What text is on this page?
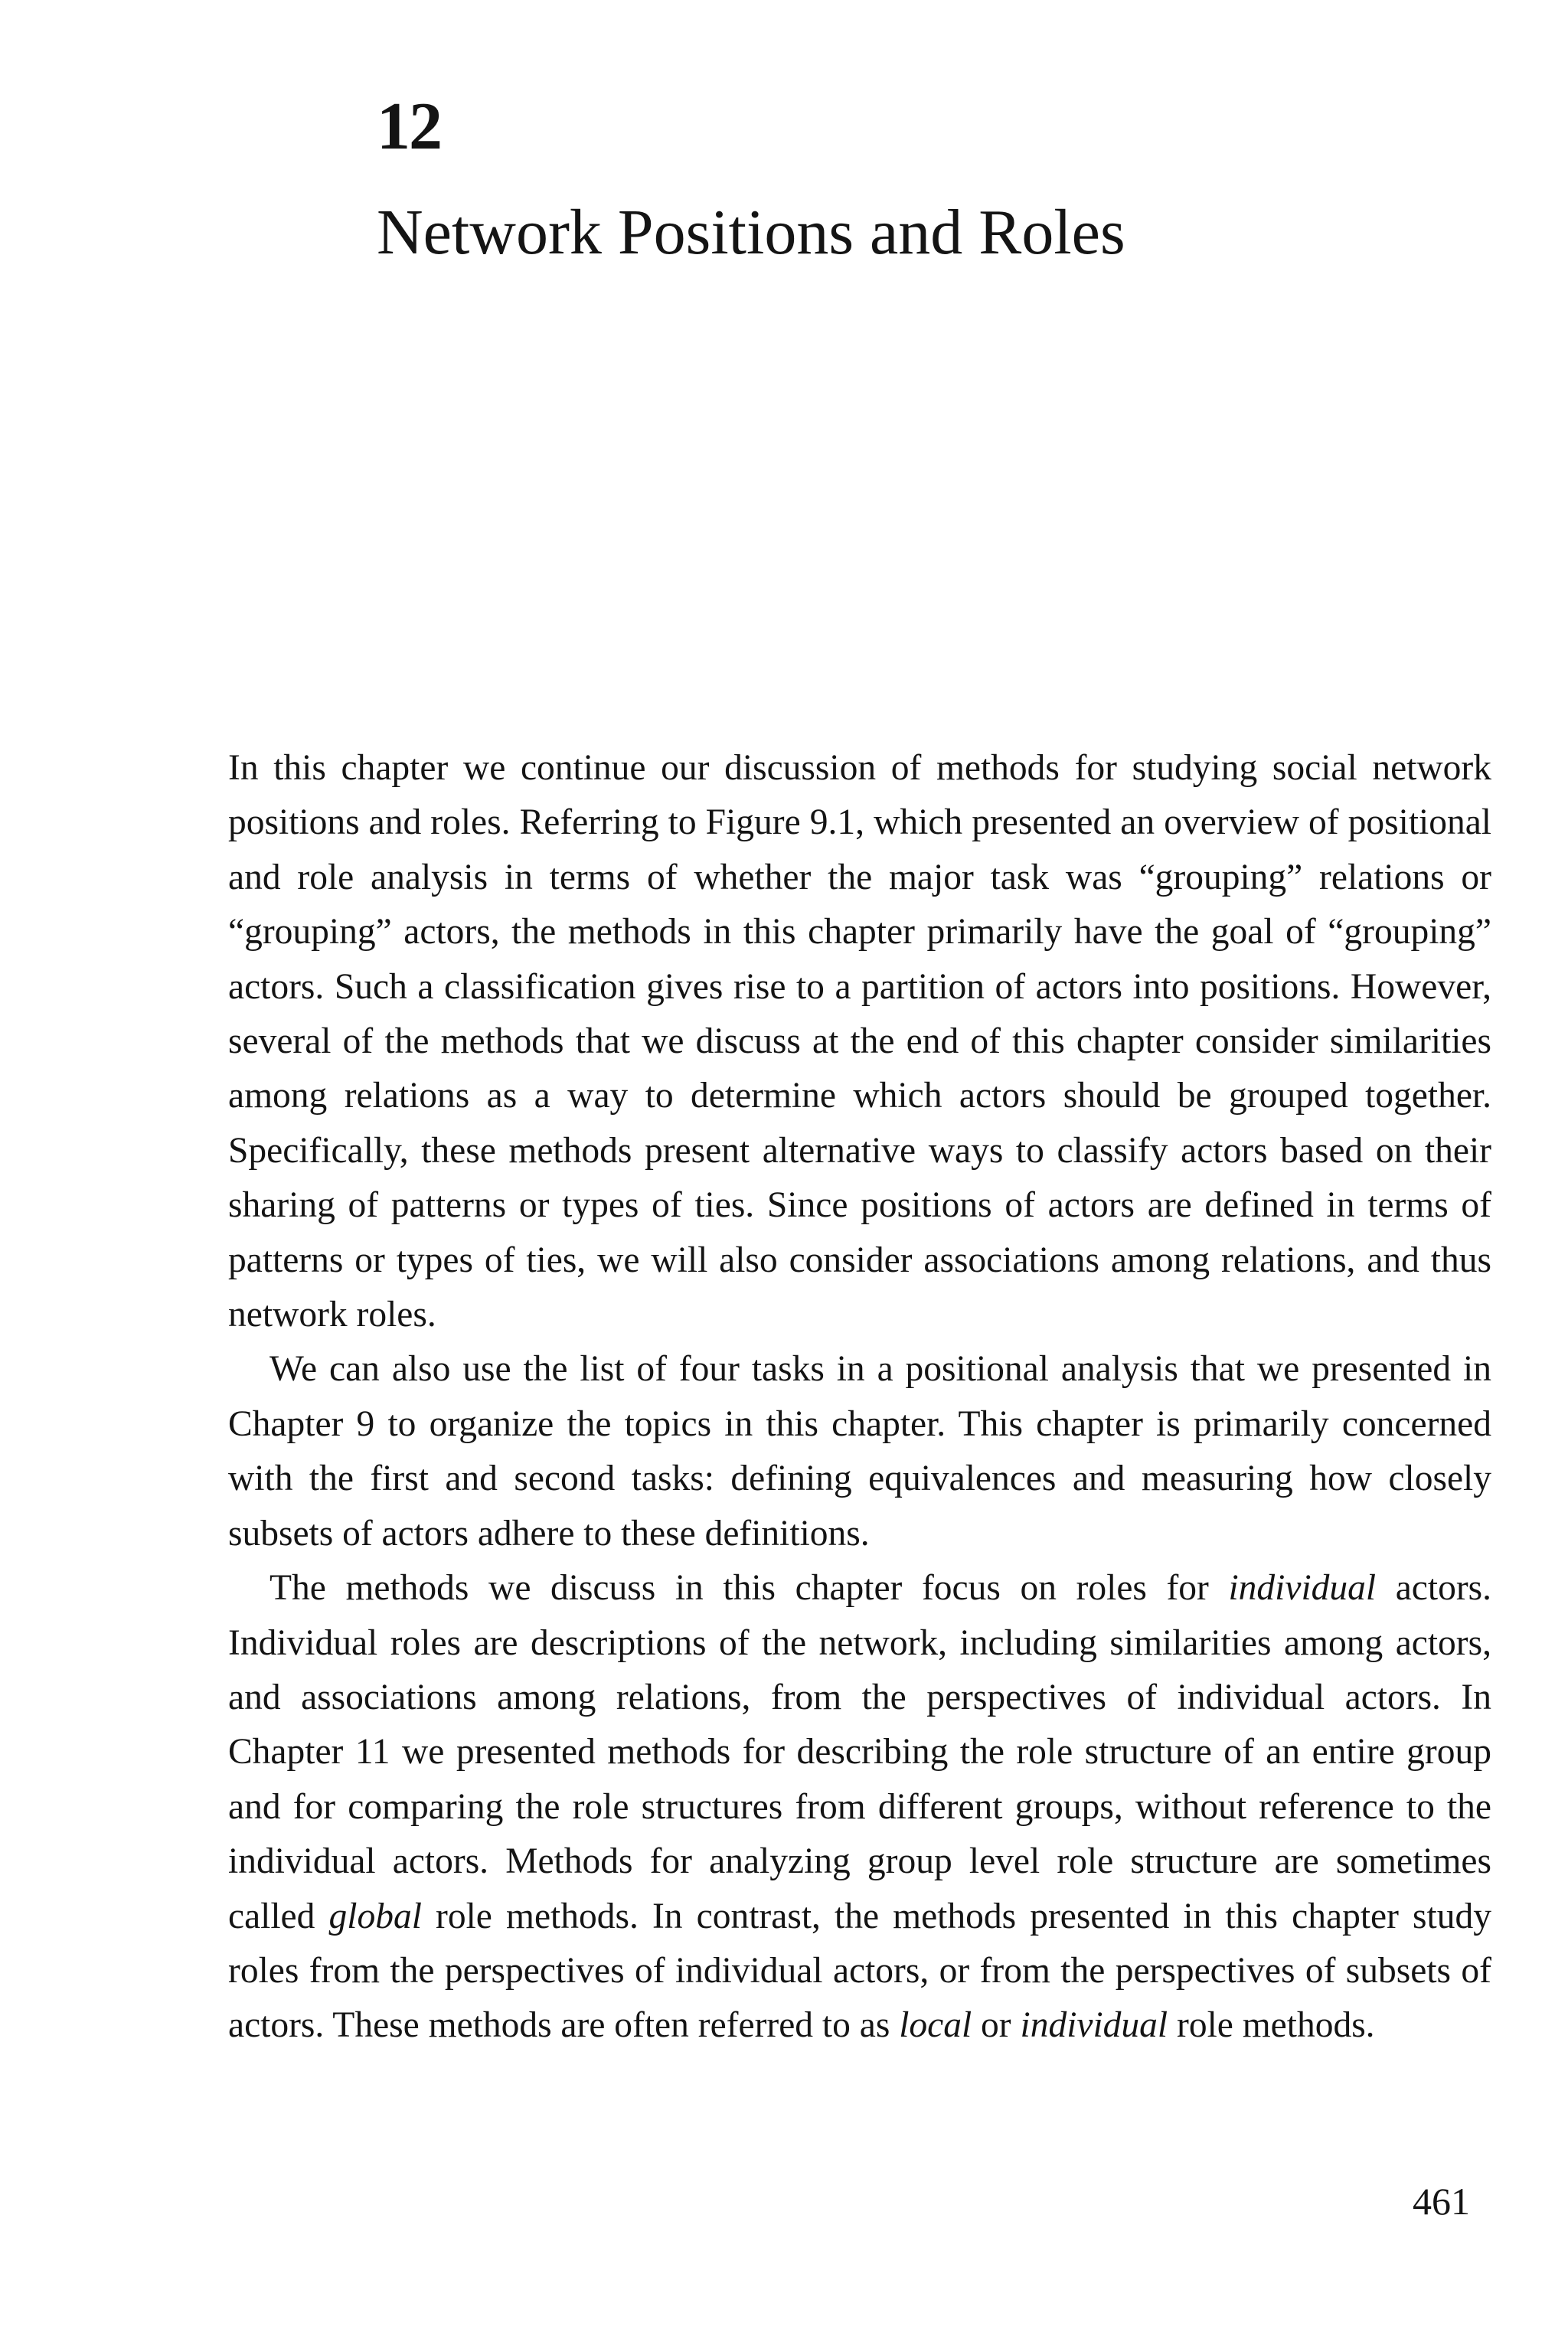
12
Network Positions and Roles

In this chapter we continue our discussion of methods for studying social network positions and roles. Referring to Figure 9.1, which presented an overview of positional and role analysis in terms of whether the major task was “grouping” relations or “grouping” actors, the methods in this chapter primarily have the goal of “grouping” actors. Such a classification gives rise to a partition of actors into positions. However, several of the methods that we discuss at the end of this chapter consider similarities among relations as a way to determine which actors should be grouped together. Specifically, these methods present alternative ways to classify actors based on their sharing of patterns or types of ties. Since positions of actors are defined in terms of patterns or types of ties, we will also consider associations among relations, and thus network roles.

We can also use the list of four tasks in a positional analysis that we presented in Chapter 9 to organize the topics in this chapter. This chapter is primarily concerned with the first and second tasks: defining equivalences and measuring how closely subsets of actors adhere to these definitions.

The methods we discuss in this chapter focus on roles for individual actors. Individual roles are descriptions of the network, including similarities among actors, and associations among relations, from the perspectives of individual actors. In Chapter 11 we presented methods for describing the role structure of an entire group and for comparing the role structures from different groups, without reference to the individual actors. Methods for analyzing group level role structure are sometimes called global role methods. In contrast, the methods presented in this chapter study roles from the perspectives of individual actors, or from the perspectives of subsets of actors. These methods are often referred to as local or individual role methods.

461
